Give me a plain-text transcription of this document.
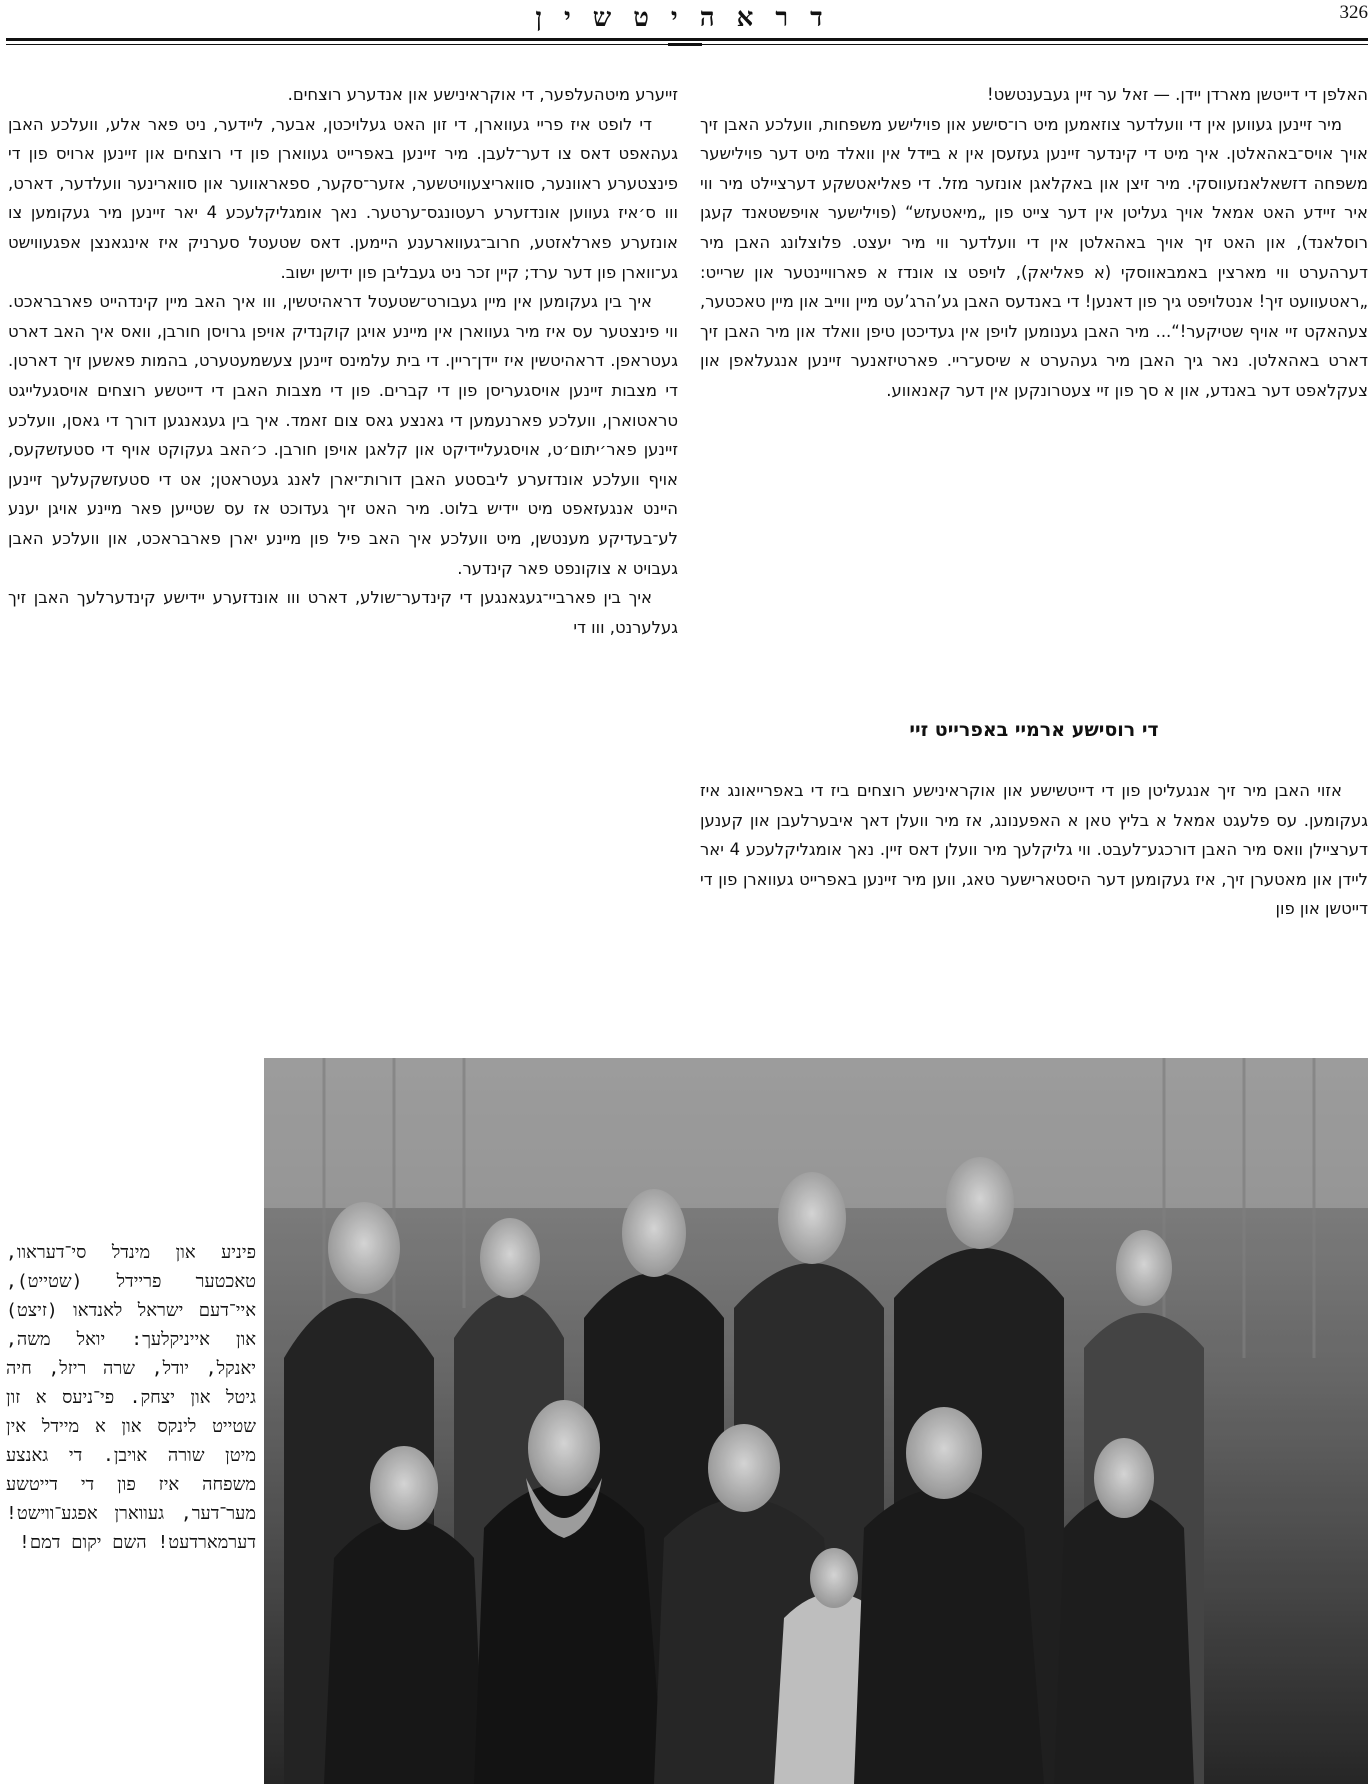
דראהיטשין	326

האלפן די דייטשן מארדן יידן. — זאל ער זיין געבענטשט!

מיר זיינען געווען אין די וועלדער צוזאמען מיט רו־סישע און פוילישע משפחות, וועלכע האבן זיך אויך אויס־באהאלטן. איך מיט די קינדער זיינען געזעסן אין א בײדל אין וואלד מיט דער פוילישער משפחה דזשאלאנזעווסקי. מיר זיצן און באקלאגן אונזער מזל. די פאליאטשקע דערציילט מיר ווי איר זיידע האט אמאל אויך געליטן אין דער צייט פון „מיאטעזש“ (פוילישער אויפשטאנד קעגן רוסלאנד), און האט זיך אויך באהאלטן אין די וועלדער ווי מיר יעצט. פלוצלונג האבן מיר דערהערט ווי מארצין באמבאווסקי (א פאליאק), לויפט צו אונדז א פארוויינטער און שרייט: „ראטעוועט זיך! אנטלויפט גיך פון דאנען! די באנדעס האבן גע’הרג’עט מיין ווייב און מיין טאכטער, צעהאקט זיי אויף שטיקער!“... מיר האבן גענומען לויפן אין געדיכטן טיפן וואלד און מיר האבן זיך דארט באהאלטן. נאר גיך האבן מיר געהערט א שיסע־ריי. פארטיזאנער זיינען אנגעלאפן און צעקלאפט דער באנדע, און א סך פון זיי צעטרונקען אין דער קאנאווע.

די רוסישע ארמיי באפרייט זיי

אזוי האבן מיר זיך אנגעליטן פון די דייטשישע און אוקראינישע רוצחים ביז די באפרייאונג איז געקומען. עס פלעגט אמאל א בליץ טאן א האפענונג, אז מיר וועלן דאך איבערלעבן און קענען דערציילן וואס מיר האבן דורכגע־לעבט. ווי גליקלעך מיר וועלן דאס זיין. נאך אומגליקלעכע 4 יאר ליידן און מאטערן זיך, איז געקומען דער היסטארישער טאג, ווען מיר זיינען באפרייט געווארן פון די דייטשן און פון

זייערע מיטהעלפער, די אוקראינישע און אנדערע רוצחים.

די לופט איז פריי געווארן, די זון האט געלויכטן, אבער, ליידער, ניט פאר אלע, וועלכע האבן געהאפט דאס צו דער־לעבן. מיר זיינען באפרייט געווארן פון די רוצחים און זיינען ארויס פון די פינצטערע ראוונער, סוואריצעוויטשער, אזער־סקער, ספאראווער און סווארינער וועלדער, דארט, ווו ס׳איז געווען אונדזערע רעטונגס־ערטער. נאך אומגליקלעכע 4 יאר זיינען מיר געקומען צו אונזערע פארלאזטע, חרוב־געווארענע היימען. דאס שטעטל סערניק איז אינגאנצן אפגעווישט גע־ווארן פון דער ערד; קיין זכר ניט געבליבן פון ידישן ישוב.

איך בין געקומען אין מיין געבורט־שטעטל דראהיטשין, ווו איך האב מיין קינדהייט פארבראכט. ווי פינצטער עס איז מיר געווארן אין מיינע אויגן קוקנדיק אויפן גרויסן חורבן, וואס איך האב דארט געטראפן. דראהיטשין איז יידן־ריין. די בית עלמינס זיינען צעשמעטערט, בהמות פאשען זיך דארטן. די מצבות זיינען אויסגעריסן פון די קברים. פון די מצבות האבן די דייטשע רוצחים אויסגעלייגט טראטוארן, וועלכע פארנעמען די גאנצע גאס צום זאמד. איך בין געגאנגען דורך די גאסן, וועלכע זיינען פאר׳יתום׳ט, אויסגעליידיקט און קלאגן אויפן חורבן. כ׳האב געקוקט אויף די סטעזשקעס, אויף וועלכע אונדזערע ליבסטע האבן דורות־יארן לאנג געטראטן; אט די סטעזשקעלעך זיינען היינט אנגעזאפט מיט יידיש בלוט. מיר האט זיך געדוכט אז עס שטייען פאר מיינע אויגן יענע לע־בעדיקע מענטשן, מיט וועלכע איך האב פיל פון מיינע יארן פארבראכט, און וועלכע האבן געבויט א צוקונפט פאר קינדער.

איך בין פארביי־געגאנגען די קינדער־שולע, דארט ווו אונדזערע יידישע קינדערלעך האבן זיך געלערנט, ווו די

פיניע און מינדל סי־דעראוו, טאכטער פריידל (שטייט), איי־דעם ישראל לאנדאו (זיצט) און אייניקלעך: יואל משה, יאנקל, יודל, שרה ריזל, חיה גיטל און יצחק. פי־ניעס א זון שטייט לינקס און א מיידל אין מיטן שורה אויבן. די גאנצע משפחה איז פון די דייטשע מער־דער, געווארן אפגע־ווישט! דערמארדעט! השם יקום דמם!
